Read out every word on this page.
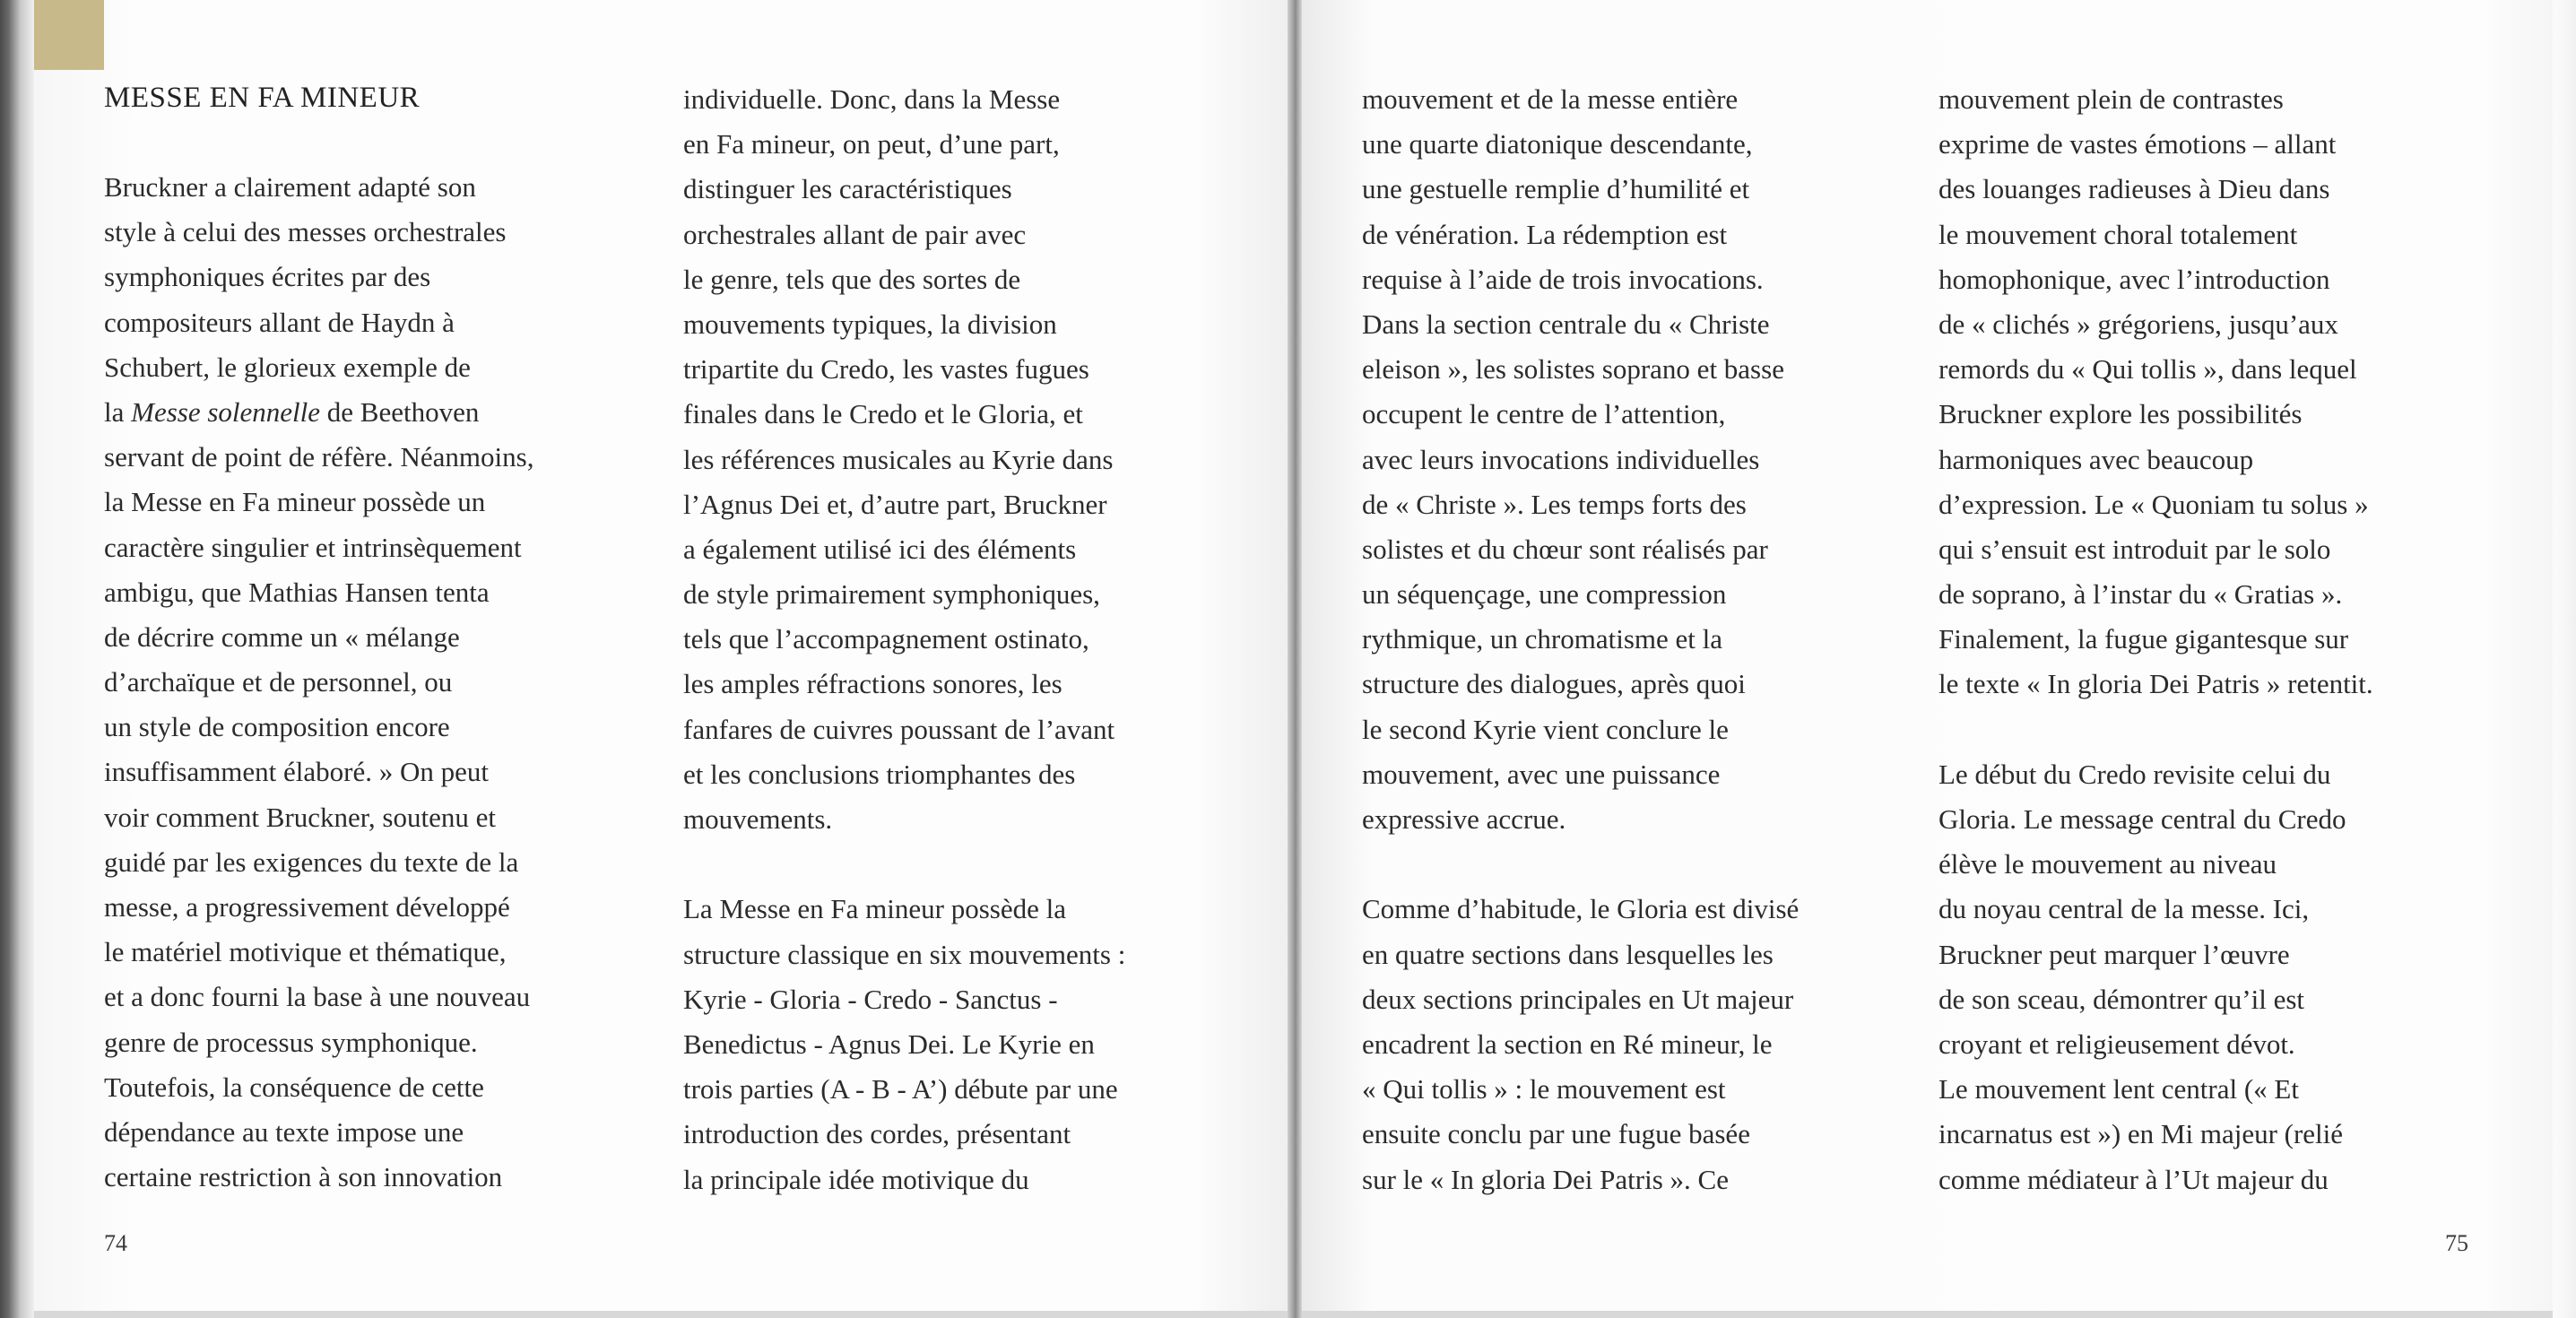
MESSE EN FA MINEUR
Bruckner a clairement adapté son
style à celui des messes orchestrales
symphoniques écrites par des
compositeurs allant de Haydn à
Schubert, le glorieux exemple de
la Messe solennelle de Beethoven
servant de point de réfère. Néanmoins,
la Messe en Fa mineur possède un
caractère singulier et intrinsèquement
ambigu, que Mathias Hansen tenta
de décrire comme un « mélange
d’archaïque et de personnel, ou
un style de composition encore
insuffisamment élaboré. » On peut
voir comment Bruckner, soutenu et
guidé par les exigences du texte de la
messe, a progressivement développé
le matériel motivique et thématique,
et a donc fourni la base à une nouveau
genre de processus symphonique.
Toutefois, la conséquence de cette
dépendance au texte impose une
certaine restriction à son innovation
individuelle. Donc, dans la Messe
en Fa mineur, on peut, d’une part,
distinguer les caractéristiques
orchestrales allant de pair avec
le genre, tels que des sortes de
mouvements typiques, la division
tripartite du Credo, les vastes fugues
finales dans le Credo et le Gloria, et
les références musicales au Kyrie dans
l’Agnus Dei et, d’autre part, Bruckner
a également utilisé ici des éléments
de style primairement symphoniques,
tels que l’accompagnement ostinato,
les amples réfractions sonores, les
fanfares de cuivres poussant de l’avant
et les conclusions triomphantes des
mouvements.
La Messe en Fa mineur possède la
structure classique en six mouvements :
Kyrie - Gloria - Credo - Sanctus -
Benedictus - Agnus Dei. Le Kyrie en
trois parties (A - B - A’) débute par une
introduction des cordes, présentant
la principale idée motivique du
mouvement et de la messe entière
une quarte diatonique descendante,
une gestuelle remplie d’humilité et
de vénération. La rédemption est
requise à l’aide de trois invocations.
Dans la section centrale du « Christe
eleison », les solistes soprano et basse
occupent le centre de l’attention,
avec leurs invocations individuelles
de « Christe ». Les temps forts des
solistes et du chœur sont réalisés par
un séquençage, une compression
rythmique, un chromatisme et la
structure des dialogues, après quoi
le second Kyrie vient conclure le
mouvement, avec une puissance
expressive accrue.
Comme d’habitude, le Gloria est divisé
en quatre sections dans lesquelles les
deux sections principales en Ut majeur
encadrent la section en Ré mineur, le
« Qui tollis » : le mouvement est
ensuite conclu par une fugue basée
sur le « In gloria Dei Patris ». Ce
mouvement plein de contrastes
exprime de vastes émotions – allant
des louanges radieuses à Dieu dans
le mouvement choral totalement
homophonique, avec l’introduction
de « clichés » grégoriens, jusqu’aux
remords du « Qui tollis », dans lequel
Bruckner explore les possibilités
harmoniques avec beaucoup
d’expression. Le « Quoniam tu solus »
qui s’ensuit est introduit par le solo
de soprano, à l’instar du « Gratias ».
Finalement, la fugue gigantesque sur
le texte « In gloria Dei Patris » retentit.
Le début du Credo revisite celui du
Gloria. Le message central du Credo
élève le mouvement au niveau
du noyau central de la messe. Ici,
Bruckner peut marquer l’œuvre
de son sceau, démontrer qu’il est
croyant et religieusement dévot.
Le mouvement lent central (« Et
incarnatus est ») en Mi majeur (relié
comme médiateur à l’Ut majeur du
74	75
